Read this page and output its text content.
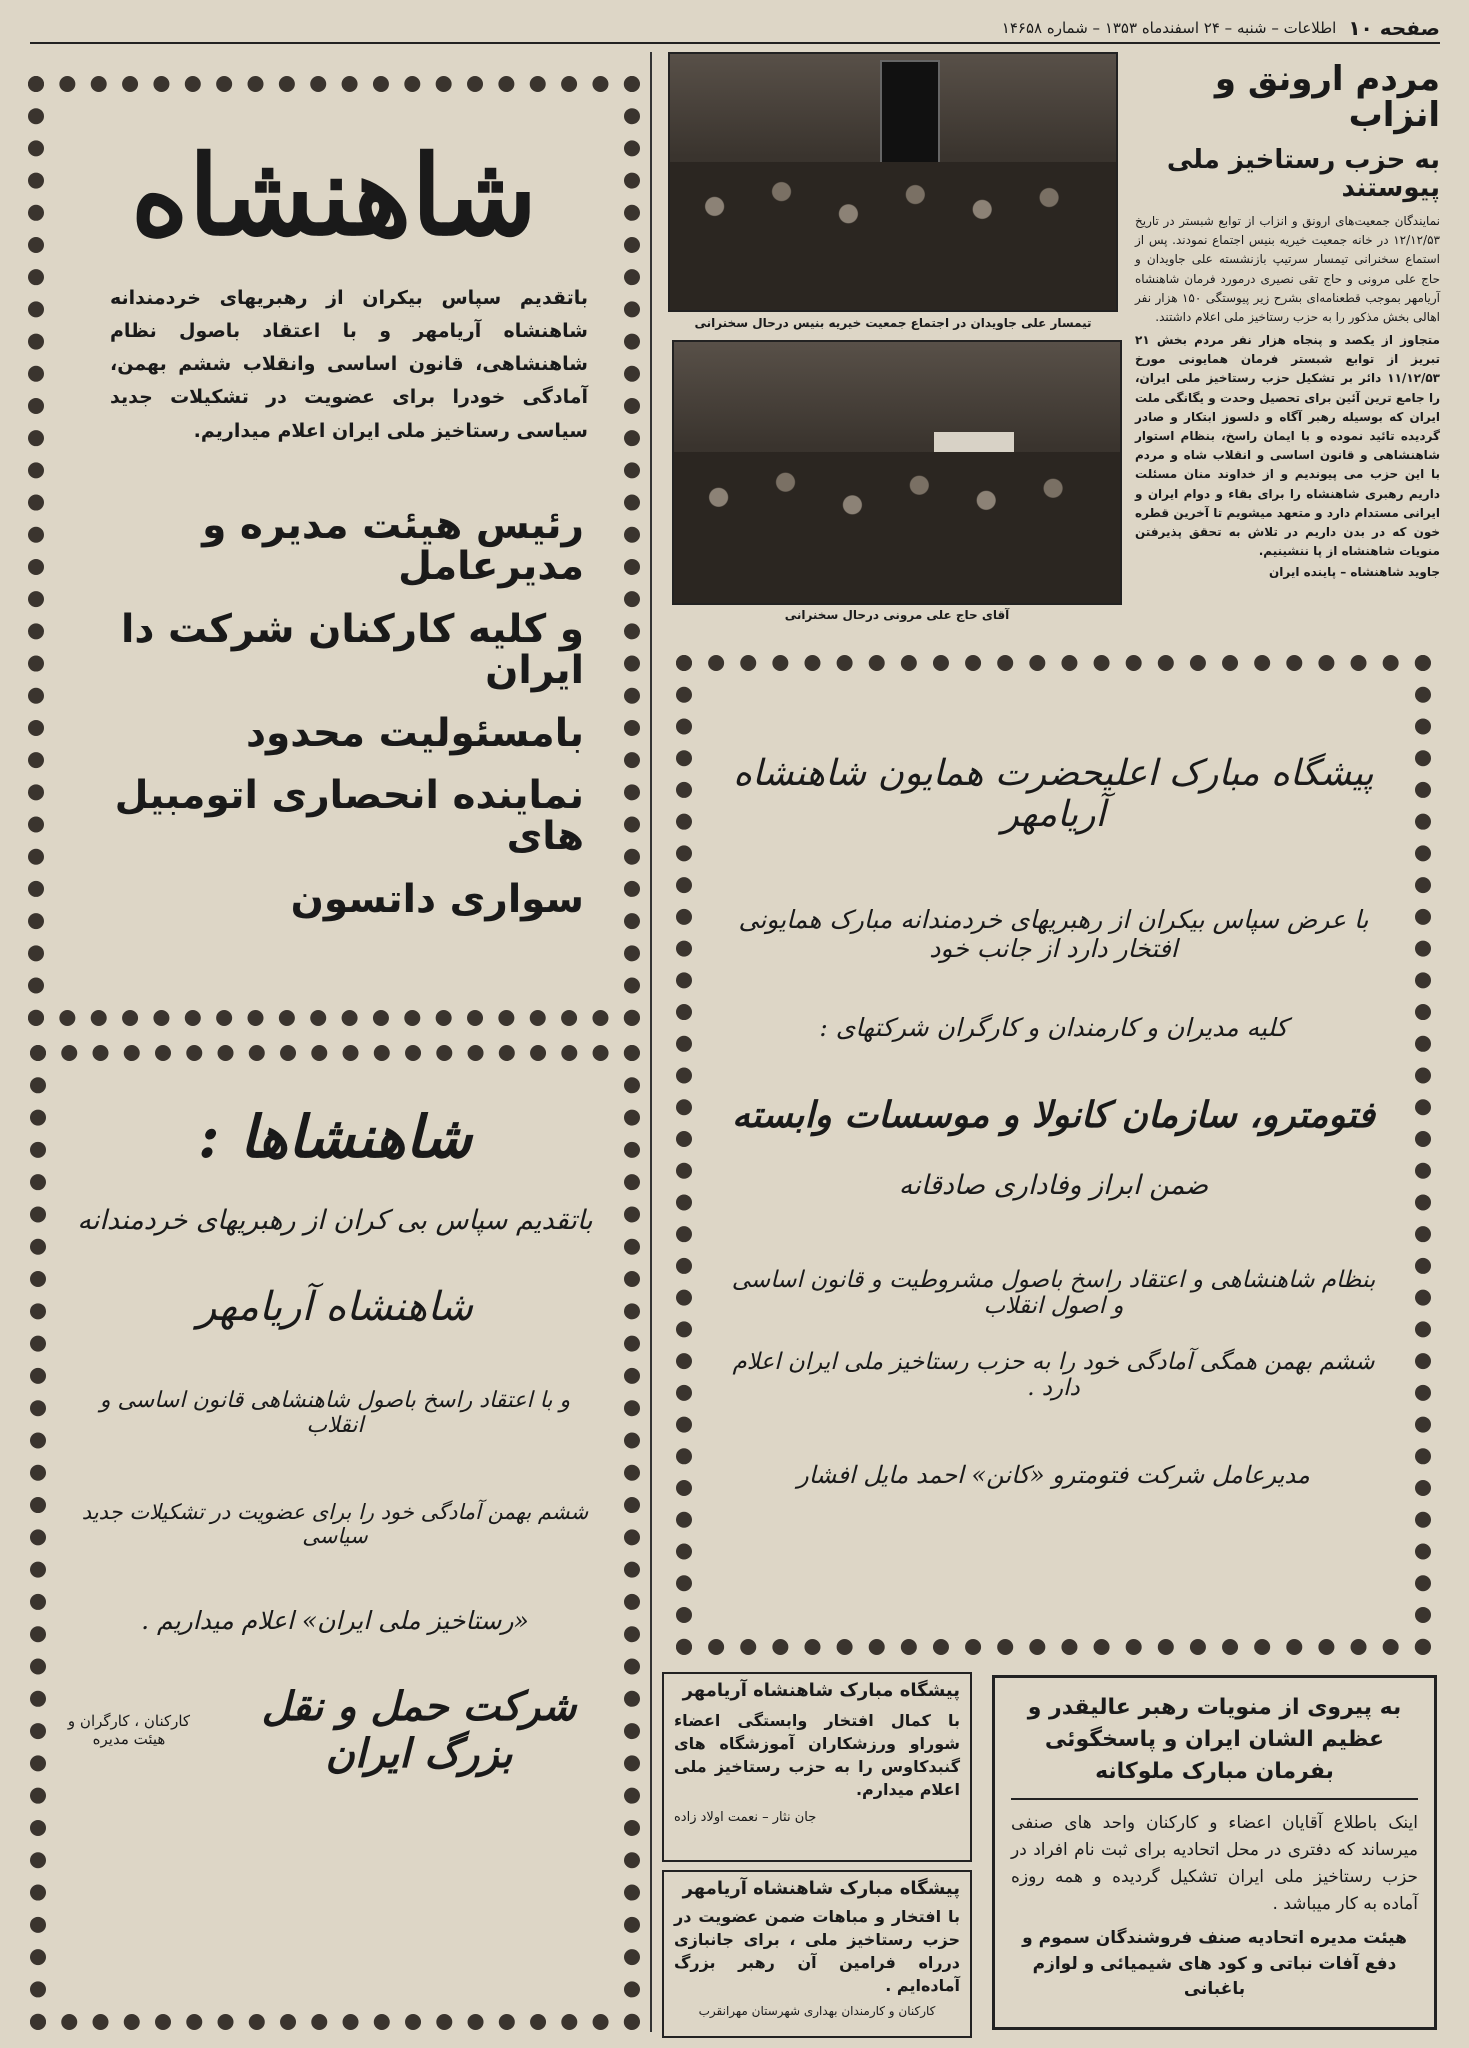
صفحه ۱۰
اطلاعات – شنبه – ۲۴ اسفندماه ۱۳۵۳ – شماره ۱۴۶۵۸
مردم ارونق و انزاب
به حزب رستاخیز ملی پیوستند
نمایندگان جمعیت‌های ارونق و انزاب از توابع شبستر در تاریخ ۱۲/۱۲/۵۳ در خانه جمعیت خیریه بنیس اجتماع نمودند. پس از استماع سخنرانی تیمسار سرتیپ بازنشسته علی جاویدان و حاج علی مرونی و حاج تقی نصیری درمورد فرمان شاهنشاه آریامهر بموجب قطعنامه‌ای بشرح زیر پیوستگی ۱۵۰ هزار نفر اهالی بخش مذکور را به حزب رستاخیز ملی اعلام داشتند.
متجاوز از یکصد و پنجاه هزار نفر مردم بخش ۲۱ تبریز از توابع شبستر فرمان همایونی مورخ ۱۱/۱۲/۵۳ دائر بر تشکیل حزب رستاخیز ملی ایران، را جامع ترین آئین برای تحصیل وحدت و یگانگی ملت ایران که بوسیله رهبر آگاه و دلسوز ابتکار و صادر گردیده تائید نموده و با ایمان راسخ، بنظام استوار شاهنشاهی و قانون اساسی و انقلاب شاه و مردم با این حزب می پیوندیم و از خداوند منان مسئلت داریم رهبری شاهنشاه را برای بقاء و دوام ایران و ایرانی مستدام دارد و متعهد میشویم تا آخرین قطره خون که در بدن داریم در تلاش به تحقق پذیرفتن منویات شاهنشاه از پا ننشینیم.
جاوید شاهنشاه – پاینده ایران
تیمسار علی جاویدان در اجتماع جمعیت خیریه بنیس درحال سخنرانی
آقای حاج علی مرونی درحال سخنرانی
شاهنشاه
باتقدیم سپاس بیکران از رهبریهای خردمندانه شاهنشاه آریامهر و با اعتقاد باصول نظام شاهنشاهی، قانون اساسی وانقلاب ششم بهمن، آمادگی خودرا برای عضویت در تشکیلات جدید سیاسی رستاخیز ملی ایران اعلام میداریم.
رئیس هیئت مدیره و مدیرعامل
و کلیه کارکنان شرکت دا ایران
بامسئولیت محدود
نماینده انحصاری اتومبیل های
سواری داتسون
پیشگاه مبارک اعلیحضرت همایون شاهنشاه آریامهر
با عرض سپاس بیکران از رهبریهای خردمندانه مبارک همایونی افتخار دارد از جانب خود
کلیه مدیران و کارمندان و کارگران شرکتهای :
فتومترو، سازمان کانولا و موسسات وابسته
ضمن ابراز وفاداری صادقانه
بنظام شاهنشاهی و اعتقاد راسخ باصول مشروطیت و قانون اساسی و اصول انقلاب
ششم بهمن همگی آمادگی خود را به حزب رستاخیز ملی ایران اعلام دارد .
مدیرعامل شرکت فتومترو «کانن» احمد مایل افشار
شاهنشاها :
باتقدیم سپاس بی کران از رهبریهای خردمندانه
شاهنشاه آریامهر
و با اعتقاد راسخ باصول شاهنشاهی قانون اساسی و انقلاب
ششم بهمن آمادگی خود را برای عضویت در تشکیلات جدید سیاسی
«رستاخیز ملی ایران» اعلام میداریم .
شرکت حمل و نقل بزرگ ایران
کارکنان ، کارگران و هیئت مدیره
پیشگاه مبارک شاهنشاه آریامهر
با کمال افتخار وابستگی اعضاء شوراو ورزشکاران آموزشگاه های گنبدکاوس را به حزب رستاخیز ملی اعلام میدارم.
جان نثار – نعمت اولاد زاده
پیشگاه مبارک شاهنشاه آریامهر
با افتخار و مباهات ضمن عضویت در حزب رستاخیز ملی ، برای جانبازی درراه فرامین آن رهبر بزرگ آماده‌ایم .
کارکنان و کارمندان بهداری شهرستان مهرانقرب
به پیروی از منویات رهبر عالیقدر و عظیم الشان ایران و پاسخگوئی بفرمان مبارک ملوکانه
اینک باطلاع آقایان اعضاء و کارکنان واحد های صنفی میرساند که دفتری در محل اتحادیه برای ثبت نام افراد در حزب رستاخیز ملی ایران تشکیل گردیده و همه روزه آماده به کار میباشد .
هیئت مدیره اتحادیه صنف فروشندگان سموم و دفع آفات نباتی و کود های شیمیائی و لوازم باغبانی
